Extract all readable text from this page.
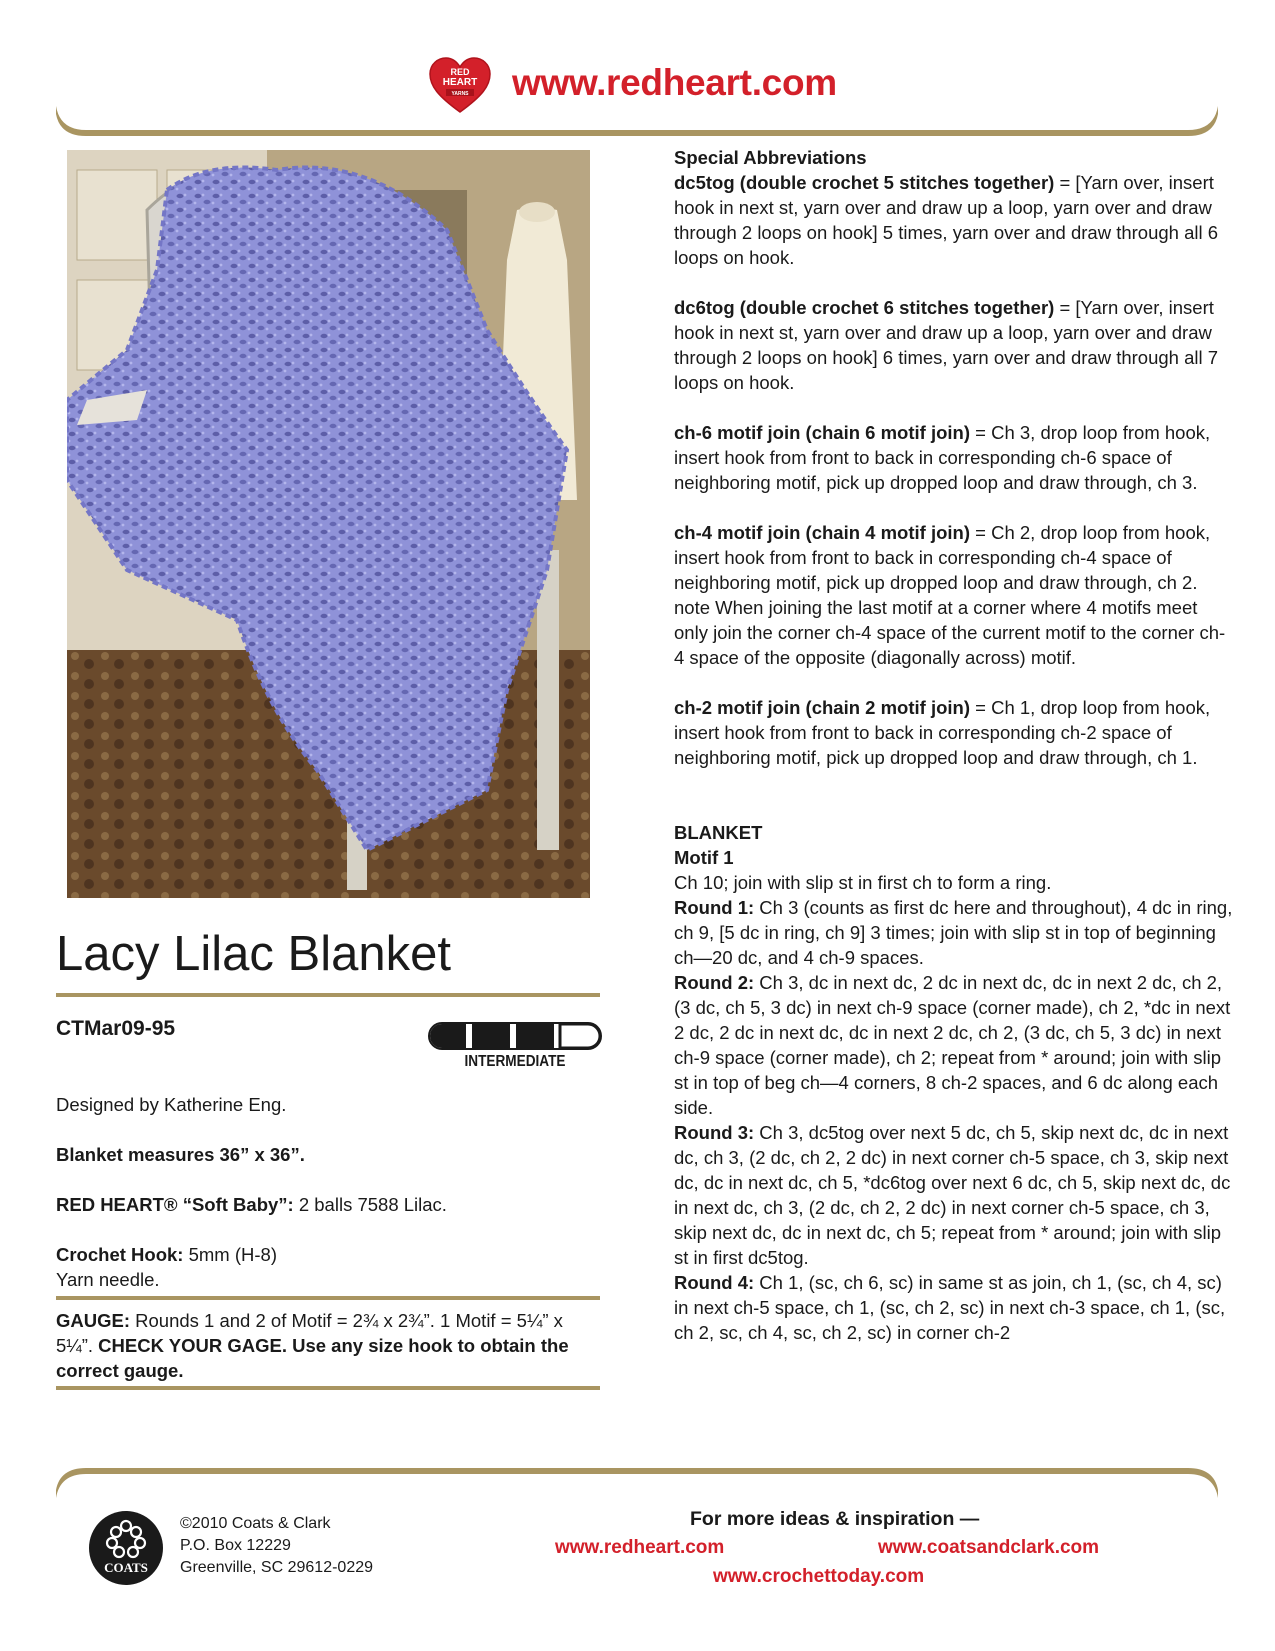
RED
HEART
YARNS www.redheart.com
Lacy Lilac Blanket
CTMar09-95
INTERMEDIATE
Designed by Katherine Eng.
Blanket measures 36” x 36”.
RED HEART® “Soft Baby”: 2 balls 7588 Lilac.
Crochet Hook: 5mm (H-8)
Yarn needle.
GAUGE: Rounds 1 and 2 of Motif = 2¾ x 2¾”. 1 Motif = 5¼” x 5¼”. CHECK YOUR GAGE. Use any size hook to obtain the correct gauge.

Special Abbreviations

dc5tog (double crochet 5 stitches together) = [Yarn over, insert hook in next st, yarn over and draw up a loop, yarn over and draw through 2 loops on hook] 5 times, yarn over and draw through all 6 loops on hook.

dc6tog (double crochet 6 stitches together) = [Yarn over, insert hook in next st, yarn over and draw up a loop, yarn over and draw through 2 loops on hook] 6 times, yarn over and draw through all 7 loops on hook.

ch-6 motif join (chain 6 motif join) = Ch 3, drop loop from hook, insert hook from front to back in corresponding ch-6 space of neighboring motif, pick up dropped loop and draw through, ch 3.

ch-4 motif join (chain 4 motif join) = Ch 2, drop loop from hook, insert hook from front to back in corresponding ch-4 space of neighboring motif, pick up dropped loop and draw through, ch 2. note When joining the last motif at a corner where 4 motifs meet only join the corner ch-4 space of the current motif to the corner ch-4 space of the opposite (diagonally across) motif.

ch-2 motif join (chain 2 motif join) = Ch 1, drop loop from hook, insert hook from front to back in corresponding ch-2 space of neighboring motif, pick up dropped loop and draw through, ch 1.

BLANKET

Motif 1

Ch 10; join with slip st in first ch to form a ring.

Round 1: Ch 3 (counts as first dc here and throughout), 4 dc in ring, ch 9, [5 dc in ring, ch 9] 3 times; join with slip st in top of beginning ch—20 dc, and 4 ch-9 spaces.

Round 2: Ch 3, dc in next dc, 2 dc in next dc, dc in next 2 dc, ch 2, (3 dc, ch 5, 3 dc) in next ch-9 space (corner made), ch 2, *dc in next 2 dc, 2 dc in next dc, dc in next 2 dc, ch 2, (3 dc, ch 5, 3 dc) in next ch-9 space (corner made), ch 2; repeat from * around; join with slip st in top of beg ch—4 corners, 8 ch-2 spaces, and 6 dc along each side.

Round 3: Ch 3, dc5tog over next 5 dc, ch 5, skip next dc, dc in next dc, ch 3, (2 dc, ch 2, 2 dc) in next corner ch-5 space, ch 3, skip next dc, dc in next dc, ch 5, *dc6tog over next 6 dc, ch 5, skip next dc, dc in next dc, ch 3, (2 dc, ch 2, 2 dc) in next corner ch-5 space, ch 3, skip next dc, dc in next dc, ch 5; repeat from * around; join with slip st in first dc5tog.

Round 4: Ch 1, (sc, ch 6, sc) in same st as join, ch 1, (sc, ch 4, sc) in next ch-5 space, ch 1, (sc, ch 2, sc) in next ch-3 space, ch 1, (sc, ch 2, sc, ch 4, sc, ch 2, sc) in corner ch-2

COATS
©2010 Coats & Clark
P.O. Box 12229
Greenville, SC 29612-0229
For more ideas & inspiration —
www.redheart.com	www.coatsandclark.com
www.crochettoday.com
